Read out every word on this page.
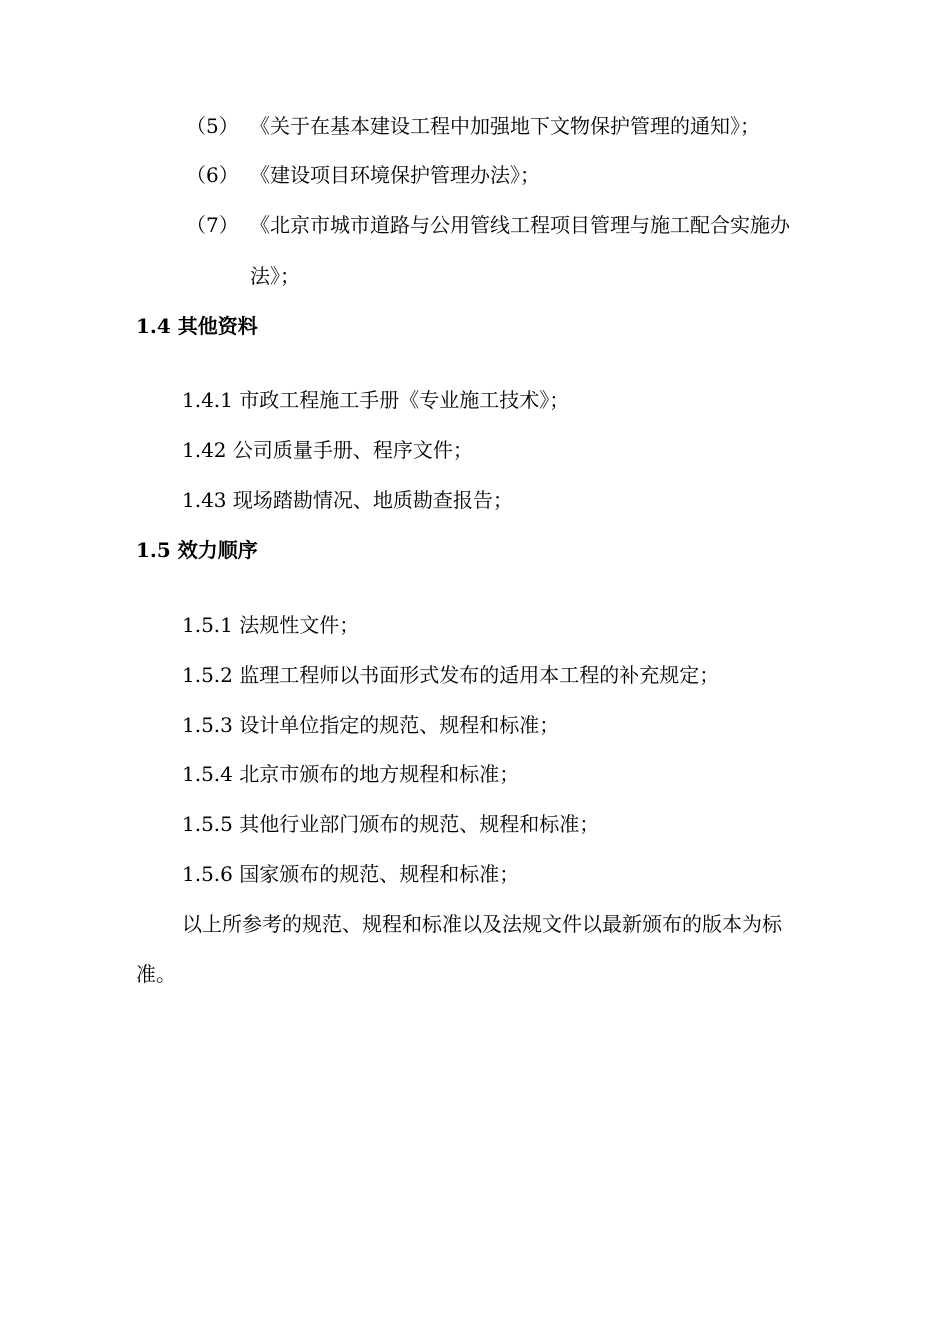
（5） 《关于在基本建设工程中加强地下文物保护管理的通知》；
（6） 《建设项目环境保护管理办法》；
（7） 《北京市城市道路与公用管线工程项目管理与施工配合实施办
法》；
1.4 其他资料
1.4.1 市政工程施工手册《专业施工技术》；
1.42 公司质量手册、程序文件；
1.43 现场踏勘情况、地质勘查报告；
1.5 效力顺序
1.5.1 法规性文件；
1.5.2 监理工程师以书面形式发布的适用本工程的补充规定；
1.5.3 设计单位指定的规范、规程和标准；
1.5.4 北京市颁布的地方规程和标准；
1.5.5 其他行业部门颁布的规范、规程和标准；
1.5.6 国家颁布的规范、规程和标准；
以上所参考的规范、规程和标准以及法规文件以最新颁布的版本为标
准。
